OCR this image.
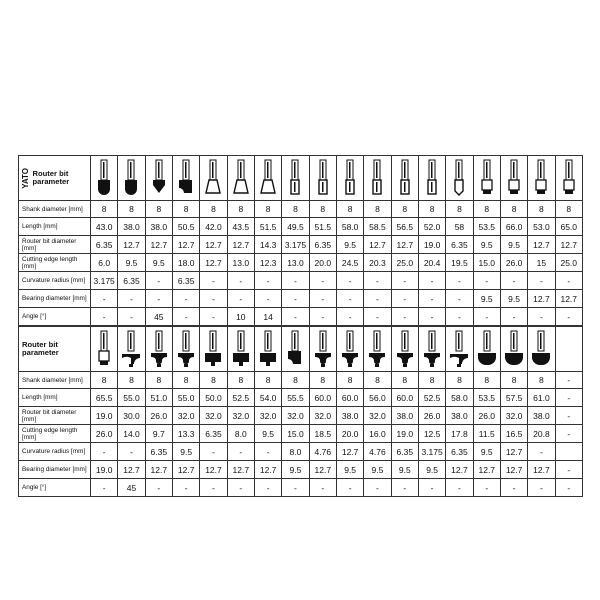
YATO Router bit parameter	

Shank diameter [mm]	8	8	8	8	8	8	8	8	8	8	8	8	8	8	8	8	8	8
Length [mm]	43.0	38.0	38.0	50.5	42.0	43.5	51.5	49.5	51.5	58.0	58.5	56.5	52.0	58	53.5	66.0	53.0	65.0
Router bit diameter [mm]	6.35	12.7	12.7	12.7	12.7	12.7	14.3	3.175	6.35	9.5	12.7	12.7	19.0	6.35	9.5	9.5	12.7	12.7
Cutting edge length [mm]	6.0	9.5	9.5	18.0	12.7	13.0	12.3	13.0	20.0	24.5	20.3	25.0	20.4	19.5	15.0	26.0	15	25.0
Curvature radius [mm]	3.175	6.35	-	6.35	-	-	-	-	-	-	-	-	-	-	-	-	-	-
Bearing diameter [mm]	-	-	-	-	-	-	-	-	-	-	-	-	-	-	9.5	9.5	12.7	12.7
Angle [°]	-	-	45	-	-	10	14	-	-	-	-	-	-	-	-	-	-	-
Router bit parameter	

Shank diameter [mm]	8	8	8	8	8	8	8	8	8	8	8	8	8	8	8	8	8	-
Length [mm]	65.5	55.0	51.0	55.0	50.0	52.5	54.0	55.5	60.0	60.0	56.0	60.0	52.5	58.0	53.5	57.5	61.0	-
Router bit diameter [mm]	19.0	30.0	26.0	32.0	32.0	32.0	32.0	32.0	32.0	38.0	32.0	38.0	26.0	38.0	26.0	32.0	38.0	-
Cutting edge length [mm]	26.0	14.0	9.7	13.3	6.35	8.0	9.5	15.0	18.5	20.0	16.0	19.0	12.5	17.8	11.5	16.5	20.8	-
Curvature radius [mm]	-	-	6.35	9.5	-	-	-	8.0	4.76	12.7	4.76	6.35	3.175	6.35	9.5	12.7	-	
Bearing diameter [mm]	19.0	12.7	12.7	12.7	12.7	12.7	12.7	9.5	12.7	9.5	9.5	9.5	9.5	12.7	12.7	12.7	12.7	-
Angle [°]	-	45	-	-	-	-	-	-	-	-	-	-	-	-	-	-	-	-
